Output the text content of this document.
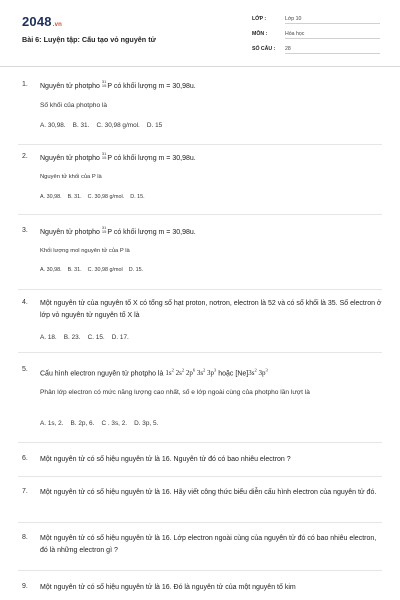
2048.vn
Bài 6: Luyện tập: Cấu tạo vỏ nguyên tử
LỚP :	Lớp 10
MÔN :	Hóa học
SỐ CÂU : 28
1. Nguyên tử photpho
31
15 P có khối lượng m = 30,98u.
Số khối của photpho là
A. 30,98.    B. 31.    C. 30,98 g/mol.    D. 15
2. Nguyên tử photpho
31
15 P có khối lượng m = 30,98u.
Nguyên tử khối của P là
A. 30,98.    B. 31.    C. 30,98 g/mol.    D. 15.
3. Nguyên tử photpho
31
15 P có khối lượng m = 30,98u.
Khối lượng mol nguyên tử của P là
A. 30,98.    B. 31.    C. 30,98 g/mol    D. 15.
4. Một nguyên tử của nguyên tố X có tổng số hạt proton, nơtron, electron là 52 và có số khối là 35. Số electron ở lớp vỏ nguyên tử nguyên tố X là
A. 18.    B. 23.    C. 15.    D. 17.
5.
Cấu hình electron nguyên tử photpho là $1s^2$ $2s^2$ $2p^6$ $3s^2$ $3p^3$ hoặc $[Ne]3s^2$ $3p^3$
Phân lớp electron có mức năng lượng cao nhất, số e lớp ngoài cùng của photpho lần lượt là
A. 1s, 2.    B. 2p, 6.    C . 3s, 2.    D. 3p, 5.
6. Một nguyên tử có số hiệu nguyên tử là 16. Nguyên tử đó có bao nhiêu electron ?
7. Một nguyên tử có số hiệu nguyên tử là 16. Hãy viết công thức biểu diễn cấu hình electron của nguyên tử đó.
8. Một nguyên tử có số hiệu nguyên tử là 16. Lớp electron ngoài cùng của nguyên tử đó có bao nhiêu electron, đó là những electron gì ?
9. Một nguyên tử có số hiệu nguyên tử là 16. Đó là nguyên tử của một nguyên tố kim
